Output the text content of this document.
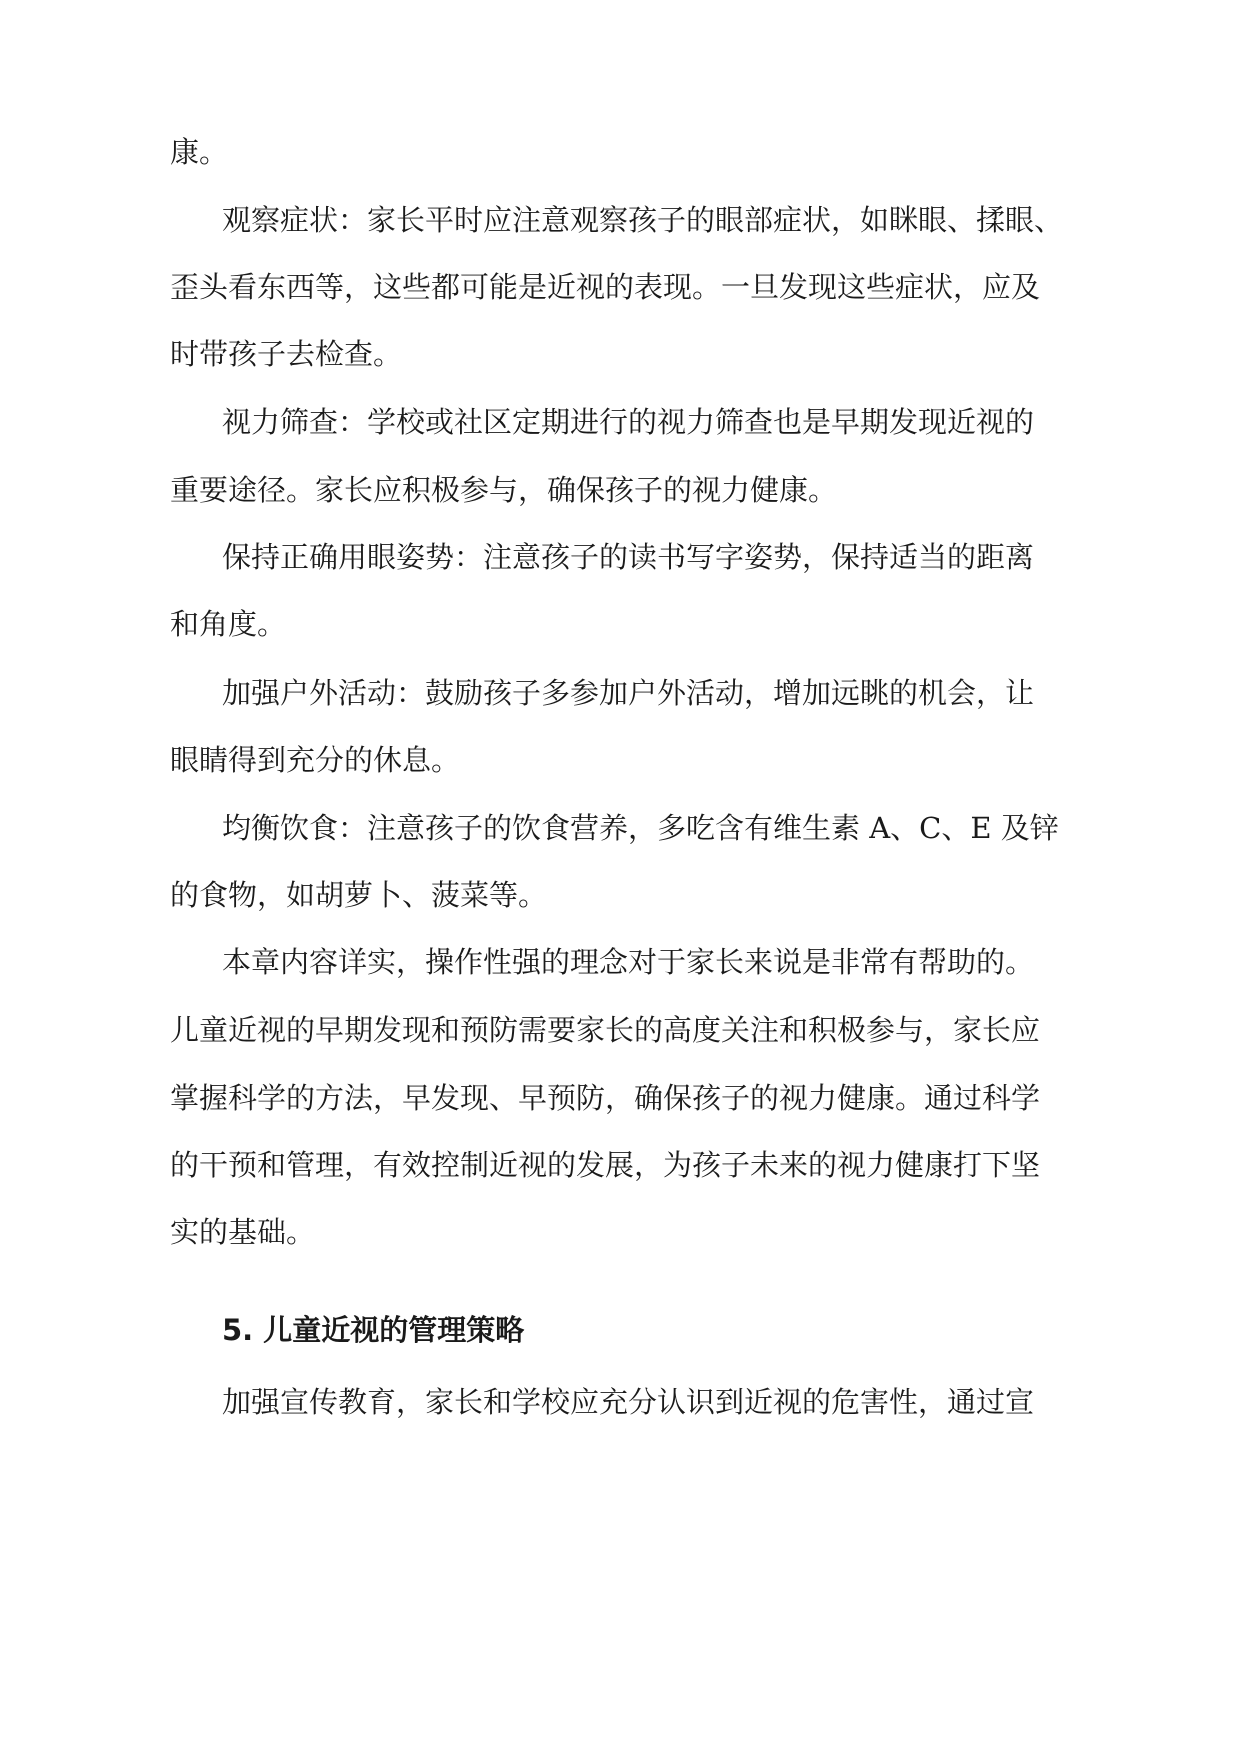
康。
观察症状：家长平时应注意观察孩子的眼部症状，如眯眼、揉眼、
歪头看东西等，这些都可能是近视的表现。一旦发现这些症状，应及
时带孩子去检查。
视力筛查：学校或社区定期进行的视力筛查也是早期发现近视的
重要途径。家长应积极参与，确保孩子的视力健康。
保持正确用眼姿势：注意孩子的读书写字姿势，保持适当的距离
和角度。
加强户外活动：鼓励孩子多参加户外活动，增加远眺的机会，让
眼睛得到充分的休息。
均衡饮食：注意孩子的饮食营养，多吃含有维生素 A、C、E 及锌
的食物，如胡萝卜、菠菜等。
本章内容详实，操作性强的理念对于家长来说是非常有帮助的。
儿童近视的早期发现和预防需要家长的高度关注和积极参与，家长应
掌握科学的方法，早发现、早预防，确保孩子的视力健康。通过科学
的干预和管理，有效控制近视的发展，为孩子未来的视力健康打下坚
实的基础。
5. 儿童近视的管理策略
加强宣传教育，家长和学校应充分认识到近视的危害性，通过宣
